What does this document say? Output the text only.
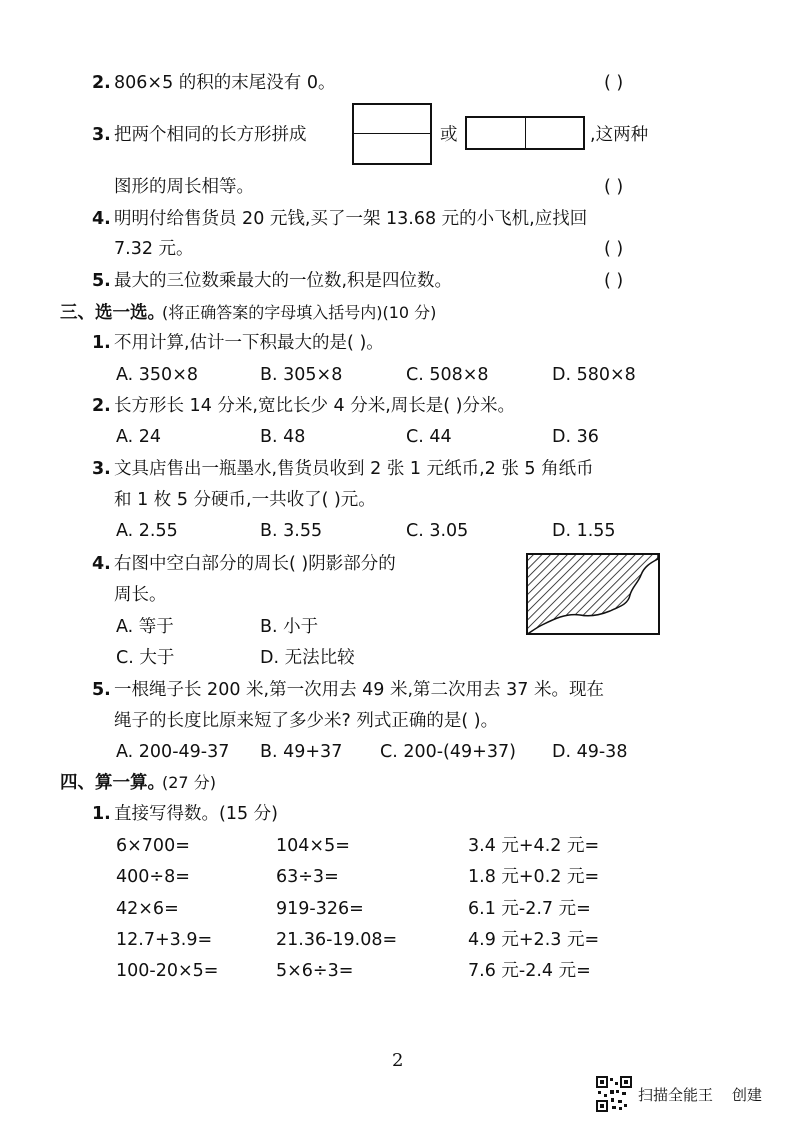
2. 806×5 的积的末尾没有 0。	( )
3. 把两个相同的长方形拼成	或	,这两种
图形的周长相等。	( )
4. 明明付给售货员 20 元钱,买了一架 13.68 元的小飞机,应找回
7.32 元。	( )
5. 最大的三位数乘最大的一位数,积是四位数。	( )
三、选一选。
(将正确答案的字母填入括号内)(10 分)
1. 不用计算,估计一下积最大的是( )。
A. 350×8	B. 305×8	C. 508×8	D. 580×8
2. 长方形长 14 分米,宽比长少 4 分米,周长是( )分米。
A. 24	B. 48	C. 44	D. 36
3. 文具店售出一瓶墨水,售货员收到 2 张 1 元纸币,2 张 5 角纸币
和 1 枚 5 分硬币,一共收了( )元。
A. 2.55	B. 3.55	C. 3.05	D. 1.55
4. 右图中空白部分的周长( )阴影部分的
周长。
A. 等于	B. 小于
C. 大于	D. 无法比较
5. 一根绳子长 200 米,第一次用去 49 米,第二次用去 37 米。现在
绳子的长度比原来短了多少米? 列式正确的是( )。
A. 200-49-37 B. 49+37 C. 200-(49+37) D. 49-38
四、算一算。
(27 分)
1. 直接写得数。(15 分)
6×700=	104×5=	3.4 元+4.2 元=
400÷8=	63÷3=	1.8 元+0.2 元=
42×6=	919-326=	6.1 元-2.7 元=
12.7+3.9=	21.36-19.08=	4.9 元+2.3 元=
100-20×5=	5×6÷3=	7.6 元-2.4 元=
2
扫描全能王 创建
